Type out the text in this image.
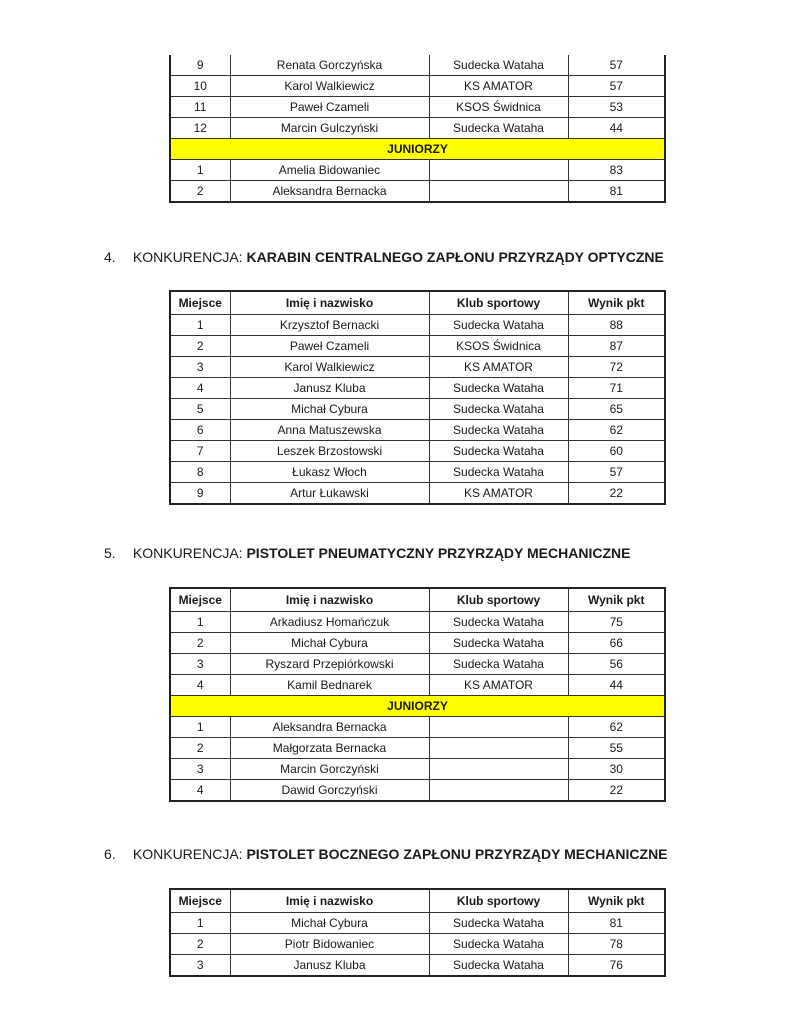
9	Renata Gorczyńska	Sudecka Wataha	57
10	Karol Walkiewicz	KS AMATOR	57
11	Paweł Czameli	KSOS Świdnica	53
12	Marcin Gulczyński	Sudecka Wataha	44
JUNIORZY			
1	Amelia Bidowaniec		83
2	Aleksandra Bernacka		81
4. KONKURENCJA: KARABIN CENTRALNEGO ZAPŁONU PRZYRZĄDY OPTYCZNE
Miejsce	Imię i nazwisko	Klub sportowy	Wynik pkt
1	Krzysztof Bernacki	Sudecka Wataha	88
2	Paweł Czameli	KSOS Świdnica	87
3	Karol Walkiewicz	KS AMATOR	72
4	Janusz Kluba	Sudecka Wataha	71
5	Michał Cybura	Sudecka Wataha	65
6	Anna Matuszewska	Sudecka Wataha	62
7	Leszek Brzostowski	Sudecka Wataha	60
8	Łukasz Włoch	Sudecka Wataha	57
9	Artur Łukawski	KS AMATOR	22
5. KONKURENCJA: PISTOLET PNEUMATYCZNY PRZYRZĄDY MECHANICZNE
Miejsce	Imię i nazwisko	Klub sportowy	Wynik pkt
1	Arkadiusz Homańczuk	Sudecka Wataha	75
2	Michał Cybura	Sudecka Wataha	66
3	Ryszard Przepiórkowski	Sudecka Wataha	56
4	Kamil Bednarek	KS AMATOR	44
JUNIORZY			
1	Aleksandra Bernacka		62
2	Małgorzata Bernacka		55
3	Marcin Gorczyński		30
4	Dawid Gorczyński		22
6. KONKURENCJA: PISTOLET BOCZNEGO ZAPŁONU PRZYRZĄDY MECHANICZNE
Miejsce	Imię i nazwisko	Klub sportowy	Wynik pkt
1	Michał Cybura	Sudecka Wataha	81
2	Piotr Bidowaniec	Sudecka Wataha	78
3	Janusz Kluba	Sudecka Wataha	76
